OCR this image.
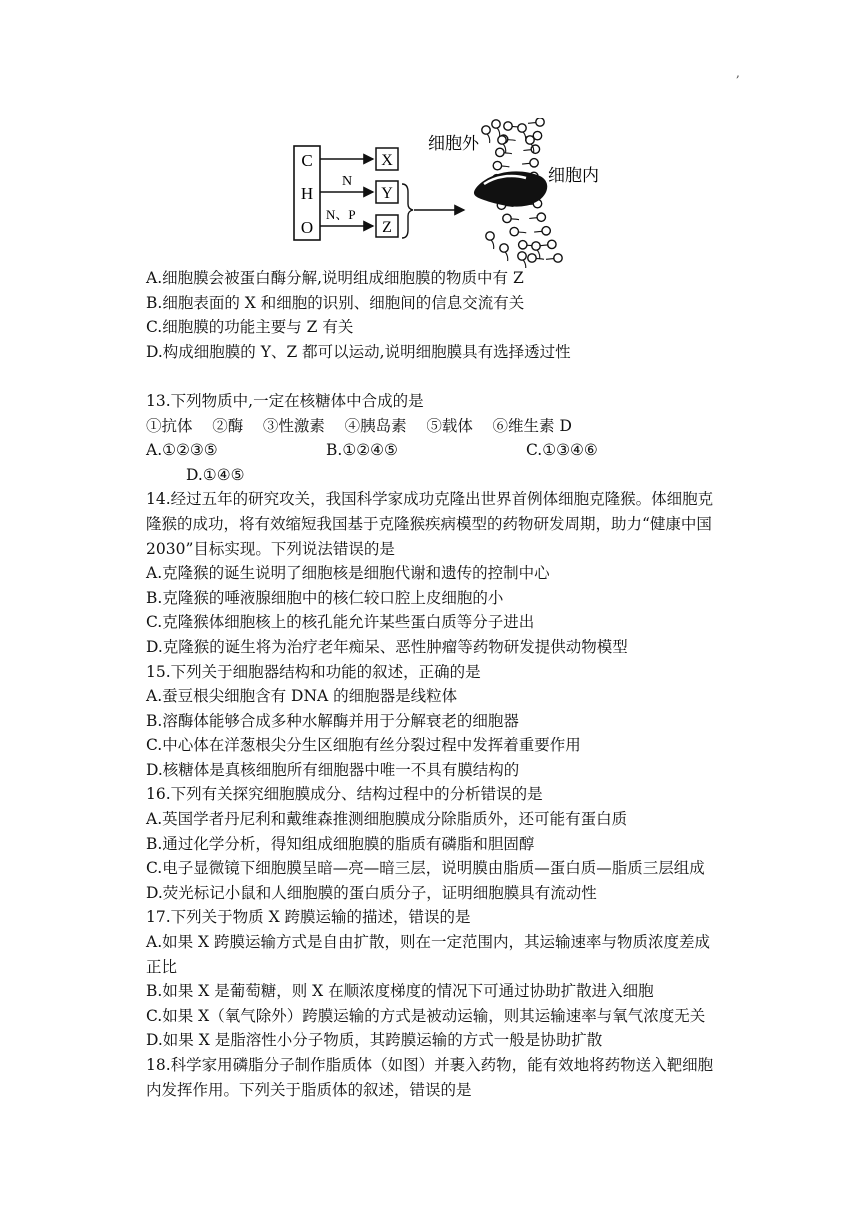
,
C
H
O
N
N、P
X
Y
Z
细胞外
细胞内
A.细胞膜会被蛋白酶分解,说明组成细胞膜的物质中有 Z
B.细胞表面的 X 和细胞的识别、细胞间的信息交流有关
C.细胞膜的功能主要与 Z 有关
D.构成细胞膜的 Y、Z 都可以运动,说明细胞膜具有选择透过性
13.下列物质中,一定在核糖体中合成的是
①抗体    ②酶    ③性激素    ④胰岛素    ⑤载体    ⑥维生素 D
A.①②③⑤	B.①②④⑤	C.①③④⑥
D.①④⑤
14.经过五年的研究攻关，我国科学家成功克隆出世界首例体细胞克隆猴。体细胞克隆猴的成功，将有效缩短我国基于克隆猴疾病模型的药物研发周期，助力“健康中国 2030”目标实现。下列说法错误的是
A.克隆猴的诞生说明了细胞核是细胞代谢和遗传的控制中心
B.克隆猴的唾液腺细胞中的核仁较口腔上皮细胞的小
C.克隆猴体细胞核上的核孔能允许某些蛋白质等分子进出
D.克隆猴的诞生将为治疗老年痴呆、恶性肿瘤等药物研发提供动物模型
15.下列关于细胞器结构和功能的叙述，正确的是
A.蚕豆根尖细胞含有 DNA 的细胞器是线粒体
B.溶酶体能够合成多种水解酶并用于分解衰老的细胞器
C.中心体在洋葱根尖分生区细胞有丝分裂过程中发挥着重要作用
D.核糖体是真核细胞所有细胞器中唯一不具有膜结构的
16.下列有关探究细胞膜成分、结构过程中的分析错误的是
A.英国学者丹尼利和戴维森推测细胞膜成分除脂质外，还可能有蛋白质
B.通过化学分析，得知组成细胞膜的脂质有磷脂和胆固醇
C.电子显微镜下细胞膜呈暗—亮—暗三层，说明膜由脂质—蛋白质—脂质三层组成
D.荧光标记小鼠和人细胞膜的蛋白质分子，证明细胞膜具有流动性
17.下列关于物质 X 跨膜运输的描述，错误的是
A.如果 X 跨膜运输方式是自由扩散，则在一定范围内，其运输速率与物质浓度差成正比
B.如果 X 是葡萄糖，则 X 在顺浓度梯度的情况下可通过协助扩散进入细胞
C.如果 X（氧气除外）跨膜运输的方式是被动运输，则其运输速率与氧气浓度无关
D.如果 X 是脂溶性小分子物质，其跨膜运输的方式一般是协助扩散
18.科学家用磷脂分子制作脂质体（如图）并裹入药物，能有效地将药物送入靶细胞内发挥作用。下列关于脂质体的叙述，错误的是
